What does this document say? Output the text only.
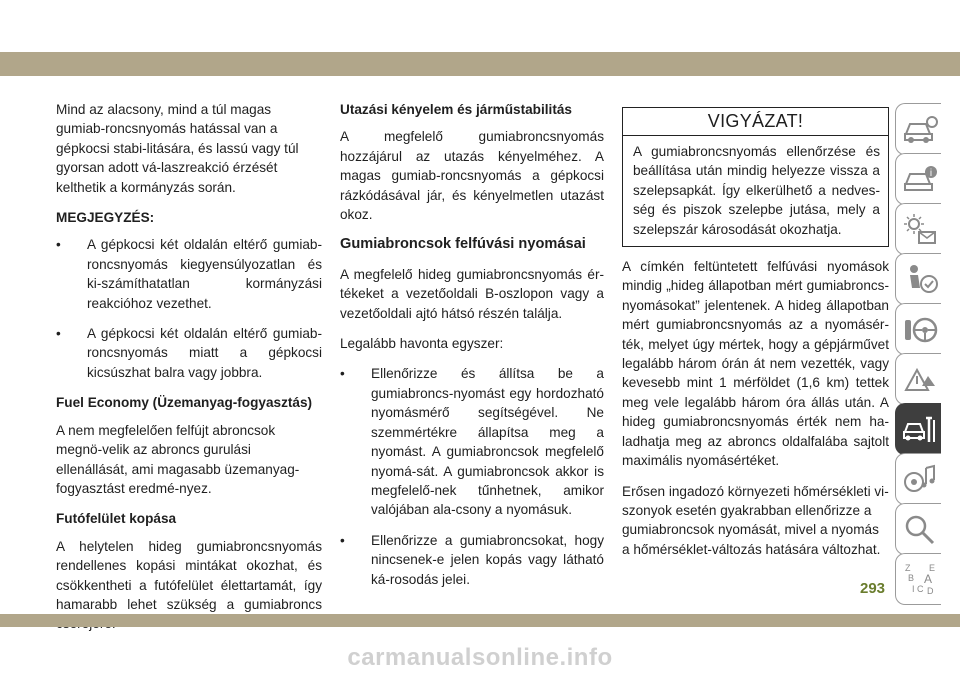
Mind az alacsony, mind a túl magas gumiab-roncsnyomás hatással van a gépkocsi stabi-litására, és lassú vagy túl gyorsan adott vá-laszreakció érzését kelthetik a kormányzás során.

MEGJEGYZÉS:
• A gépkocsi két oldalán eltérő gumiab-roncsnyomás kiegyensúlyozatlan és ki-számíthatatlan kormányzási reakcióhoz vezethet.
• A gépkocsi két oldalán eltérő gumiab-roncsnyomás miatt a gépkocsi kicsúszhat balra vagy jobbra.
Fuel Economy (Üzemanyag-fogyasztás)

A nem megfelelően felfújt abroncsok megnö-velik az abroncs gurulási ellenállását, ami magasabb üzemanyag-fogyasztást eredmé-nyez.

Futófelület kopása

A helytelen hideg gumiabroncsnyomás rendellenes kopási mintákat okozhat, és csökkentheti a futófelület élettartamát, így hamarabb lehet szükség a gumiabroncs

Utazási kényelem és járműstabilitás

A megfelelő gumiabroncsnyomás hozzájárul az utazás kényelméhez. A magas gumiab-roncsnyomás a gépkocsi rázkódásával jár, és kényelmetlen utazást okoz.

Gumiabroncsok felfúvási nyomásai

A megfelelő hideg gumiabroncsnyomás ér-tékeket a vezetőoldali B-oszlopon vagy a vezetőoldali ajtó hátsó részén találja.

Legalább havonta egyszer:

• Ellenőrizze és állítsa be a gumiabroncs-nyomást egy hordozható nyomásmérő segítségével. Ne szemmértékre állapítsa meg a nyomást. A gumiabroncsok megfelelő nyomá-sát. A gumiabroncsok akkor is megfelelő-nek tűnhetnek, amikor valójában ala-csony a nyomásuk.
• Ellenőrizze a gumiabroncsokat, hogy nincsenek-e jelen kopás vagy látható ká-rosodás jelei.
VIGYÁZAT!
A gumiabroncsnyomás ellenőrzése és beállítása után mindig helyezze vissza a szelepsapkát. Így elkerülhető a nedves-ség és piszok szelepbe jutása, mely a szelepszár károsodását okozhatja.

A címkén feltüntetett felfúvási nyomások mindig „hideg állapotban mért gumiabroncs-nyomásokat” jelentenek. A hideg állapotban mért gumiabroncsnyomás az a nyomásér-ték, melyet úgy mértek, hogy a gépjárművet legalább három órán át nem vezették, vagy kevesebb mint 1 mérföldet (1,6 km) tettek meg vele legalább három óra állás után. A hideg gumiabroncsnyomás érték nem ha-ladhatja meg az abroncs oldalfalába sajtolt maximális nyomásértéket.

Erősen ingadozó környezeti hőmérsékleti vi-szonyok esetén gyakrabban ellenőrizze a gumiabroncsok nyomását, mivel a nyomás a hőmérséklet-változás hatására változhat.

i
Z E
B A
I C D
293
carmanualsonline.info
